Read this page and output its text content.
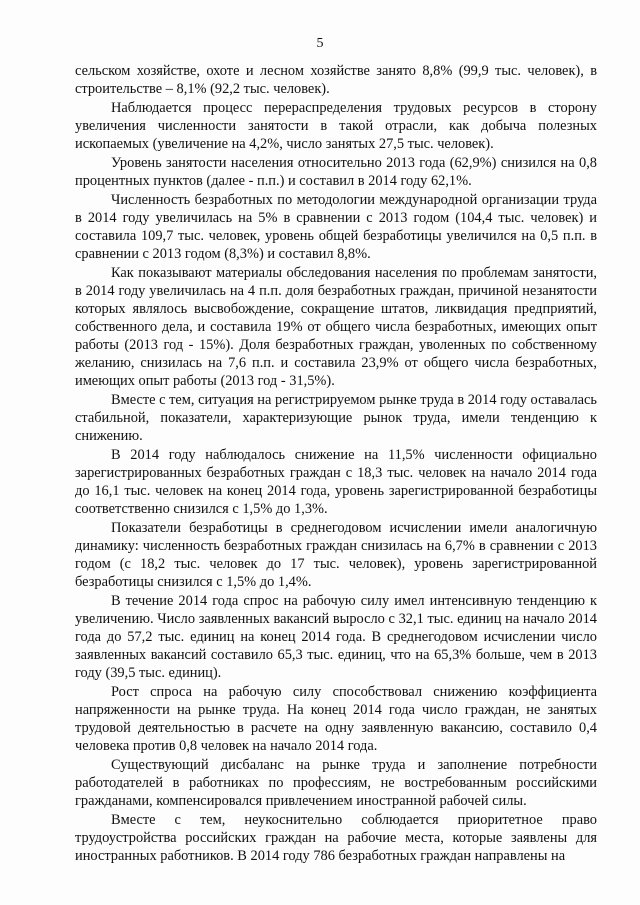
5

сельском хозяйстве, охоте и лесном хозяйстве занято 8,8% (99,9 тыс. человек), в строительстве – 8,1% (92,2 тыс. человек).

Наблюдается процесс перераспределения трудовых ресурсов в сторону увеличения численности занятости в такой отрасли, как добыча полезных ископаемых (увеличение на 4,2%, число занятых 27,5 тыс. человек).

Уровень занятости населения относительно 2013 года (62,9%) снизился на 0,8 процентных пунктов (далее - п.п.) и составил в 2014 году 62,1%.

Численность безработных по методологии международной организации труда в 2014 году увеличилась на 5% в сравнении с 2013 годом (104,4 тыс. человек) и составила 109,7 тыс. человек, уровень общей безработицы увеличился на 0,5 п.п. в сравнении с 2013 годом (8,3%) и составил 8,8%.

Как показывают материалы обследования населения по проблемам занятости, в 2014 году увеличилась на 4 п.п. доля безработных граждан, причиной незанятости которых являлось высвобождение, сокращение штатов, ликвидация предприятий, собственного дела, и составила 19% от общего числа безработных, имеющих опыт работы (2013 год - 15%). Доля безработных граждан, уволенных по собственному желанию, снизилась на 7,6 п.п. и составила 23,9% от общего числа безработных, имеющих опыт работы (2013 год - 31,5%).

Вместе с тем, ситуация на регистрируемом рынке труда в 2014 году оставалась стабильной, показатели, характеризующие рынок труда, имели тенденцию к снижению.

В 2014 году наблюдалось снижение на 11,5% численности официально зарегистрированных безработных граждан с 18,3 тыс. человек на начало 2014 года до 16,1 тыс. человек на конец 2014 года, уровень зарегистрированной безработицы соответственно снизился с 1,5% до 1,3%.

Показатели безработицы в среднегодовом исчислении имели аналогичную динамику: численность безработных граждан снизилась на 6,7% в сравнении с 2013 годом (с 18,2 тыс. человек до 17 тыс. человек), уровень зарегистрированной безработицы снизился с 1,5% до 1,4%.

В течение 2014 года спрос на рабочую силу имел интенсивную тенденцию к увеличению. Число заявленных вакансий выросло с 32,1 тыс. единиц на начало 2014 года до 57,2 тыс. единиц на конец 2014 года. В среднегодовом исчислении число заявленных вакансий составило 65,3 тыс. единиц, что на 65,3% больше, чем в 2013 году (39,5 тыс. единиц).

Рост спроса на рабочую силу способствовал снижению коэффициента напряженности на рынке труда. На конец 2014 года число граждан, не занятых трудовой деятельностью в расчете на одну заявленную вакансию, составило 0,4 человека против 0,8 человек на начало 2014 года.

Существующий дисбаланс на рынке труда и заполнение потребности работодателей в работниках по профессиям, не востребованным российскими гражданами, компенсировался привлечением иностранной рабочей силы.

Вместе с тем, неукоснительно соблюдается приоритетное право трудоустройства российских граждан на рабочие места, которые заявлены для иностранных работников. В 2014 году 786 безработных граждан направлены на
